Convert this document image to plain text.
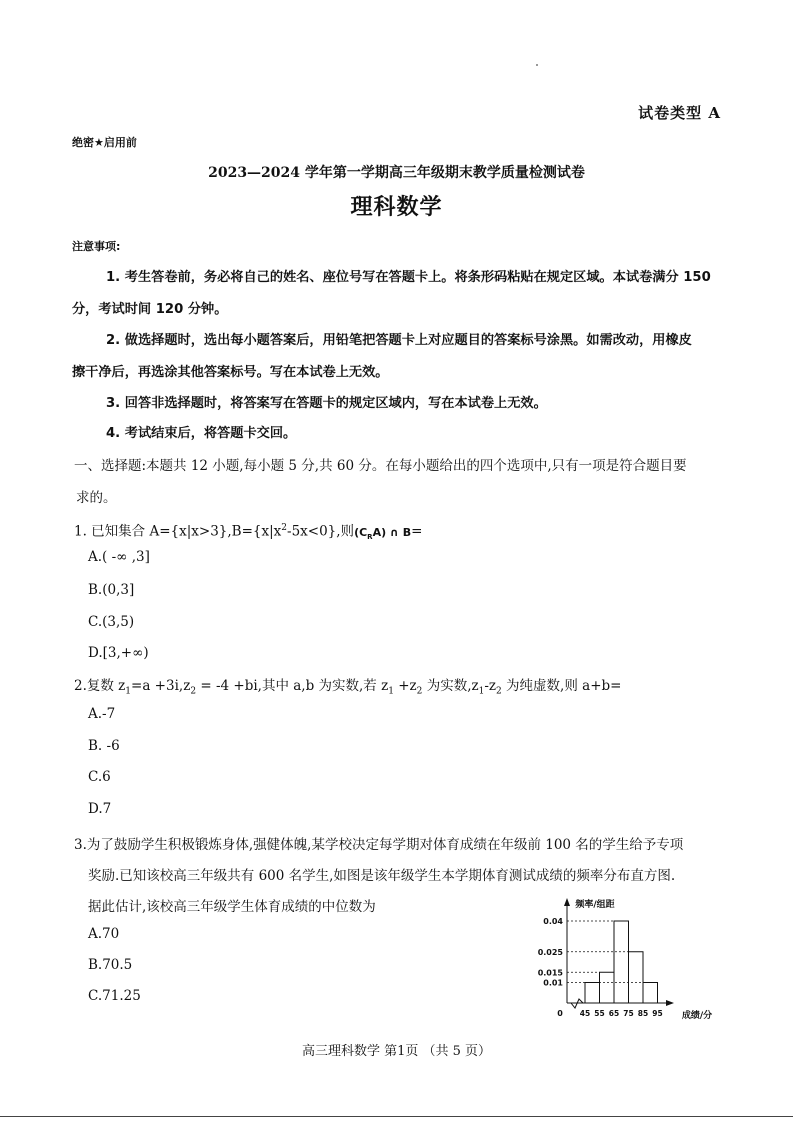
试卷类型 A
绝密★启用前
2023—2024 学年第一学期高三年级期末教学质量检测试卷
理科数学
注意事项:
1. 考生答卷前，务必将自己的姓名、座位号写在答题卡上。将条形码粘贴在规定区域。本试卷满分 150
分，考试时间 120 分钟。
2. 做选择题时，选出每小题答案后，用铅笔把答题卡上对应题目的答案标号涂黑。如需改动，用橡皮
擦干净后，再选涂其他答案标号。写在本试卷上无效。
3. 回答非选择题时，将答案写在答题卡的规定区域内，写在本试卷上无效。
4. 考试结束后，将答题卡交回。
一、选择题:本题共 12 小题,每小题 5 分,共 60 分。在每小题给出的四个选项中,只有一项是符合题目要
求的。
1. 已知集合 $A=\{x|x>3\},B=\{x|x^2-5x<0\}$,则$(C_RA)$ ∩ B=
A.( -∞ ,3]
B.(0,3]
C.(3,5)
D.[3,+∞)
2.复数 $z_1=a +3i,z_2 = -4 +bi$,其中 a,b 为实数,若 $z_1 +z_2$ 为实数$,z_1-z_2$ 为纯虚数,则 a+b=
A.-7
B. -6
C.6
D.7
3.为了鼓励学生积极锻炼身体,强健体魄,某学校决定每学期对体育成绩在年级前 100 名的学生给予专项
奖励.已知该校高三年级共有 600 名学生,如图是该年级学生本学期体育测试成绩的频率分布直方图.
据此估计,该校高三年级学生体育成绩的中位数为
A.70
B.70.5
C.71.25
0.04
0.025
0.015
0.01
45 55 65 75 85 95
0
频率/组距
成绩/分
高三理科数学 第1页 （共 5 页）
